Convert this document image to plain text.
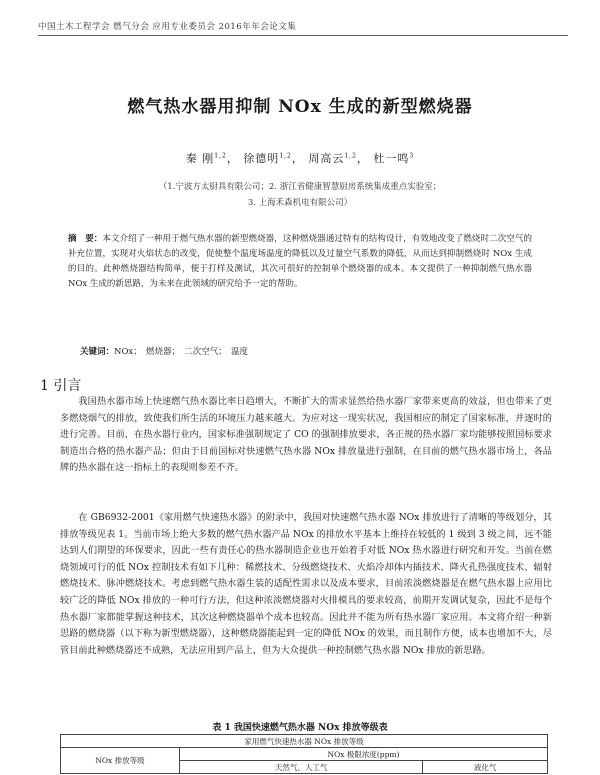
中国土木工程学会 燃气分会 应用专业委员会 2016年年会论文集
燃气热水器用抑制 NOx 生成的新型燃烧器
秦 刚$^{1,2}$， 徐德明$^{1,2}$， 周高云$^{1,2}$， 杜一鸣$^3$
（1.宁波方太厨具有限公司；2. 浙江省健康智慧厨房系统集成重点实验室；
3. 上海禾森机电有限公司）
摘　要：本文介绍了一种用于燃气热水器的新型燃烧器，这种燃烧器通过特有的结构设计，有效地改变了燃烧时二次空气的补充位置，实现对火焰状态的改变，促使整个温度场温度的降低以及过量空气系数的降低，从而达到抑制燃烧时 NOx 生成的目的。此种燃烧器结构简单，便于打样及测试，其次可很好的控制单个燃烧器的成本。本文提供了一种抑制燃气热水器 NOx 生成的新思路，为未来在此领域的研究给予一定的帮助。
关键词：NOx；　燃烧器；　二次空气；　温度
1 引言
我国热水器市场上快速燃气热水器比率日趋增大，不断扩大的需求显然给热水器厂家带来更高的效益，但也带来了更多燃烧烟气的排放，致使我们所生活的环境压力越来越大。为应对这一现实状况，我国相应的制定了国家标准，并逐时的进行完善。目前，在热水器行业内，国家标准强制规定了 CO 的强制排放要求，各正规的热水器厂家均能够按照国标要求制造出合格的热水器产品；但由于目前国标对快速燃气热水器 NOx 排放量进行强制，在目前的燃气热水器市场上，各品牌的热水器在这一指标上的表现则参差不齐。
在 GB6932-2001《家用燃气快速热水器》的附录中，我国对快速燃气热水器 NOx 排放进行了清晰的等级划分，其排放等级见表 1。当前市场上绝大多数的燃气热水器产品 NOx 的排放水平基本上维持在较低的 1 级到 3 级之间，远不能达到人们期望的环保要求，因此一些有责任心的热水器制造企业也开始着手对低 NOx 热水器进行研究和开发。当前在燃烧领域可行的低 NOx 控制技术有如下几种：稀燃技术、分级燃烧技术、火焰冷却体内插技术、降火孔热强度技术、辐射燃烧技术、脉冲燃烧技术。考虑到燃气热水器生装的适配性需求以及成本要求，目前浓淡燃烧器是在燃气热水器上应用比较广泛的降低 NOx 排放的一种可行方法，但这种浓淡燃烧器对火排模具的要求较高，前期开发调试复杂，因此不是每个热水器厂家都能掌握这种技术，其次这种燃烧器单个成本也较高。因此并不能为所有热水器厂家应用。本文将介绍一种新思路的燃烧器（以下称为新型燃烧器），这种燃烧器能起到一定的降低 NOx 的效果，而且制作方便，成本也增加不大，尽管目前此种燃烧器还不成熟，无法应用到产品上，但为大众提供一种控制燃气热水器 NOx 排放的新思路。
表 1 我国快速燃气热水器 NOx 排放等级表
家用燃气快速热水器 NOx 排放等级		
NOx 排放等级	NOx 极限浓度(ppm)	
	天然气、人工气	液化气
